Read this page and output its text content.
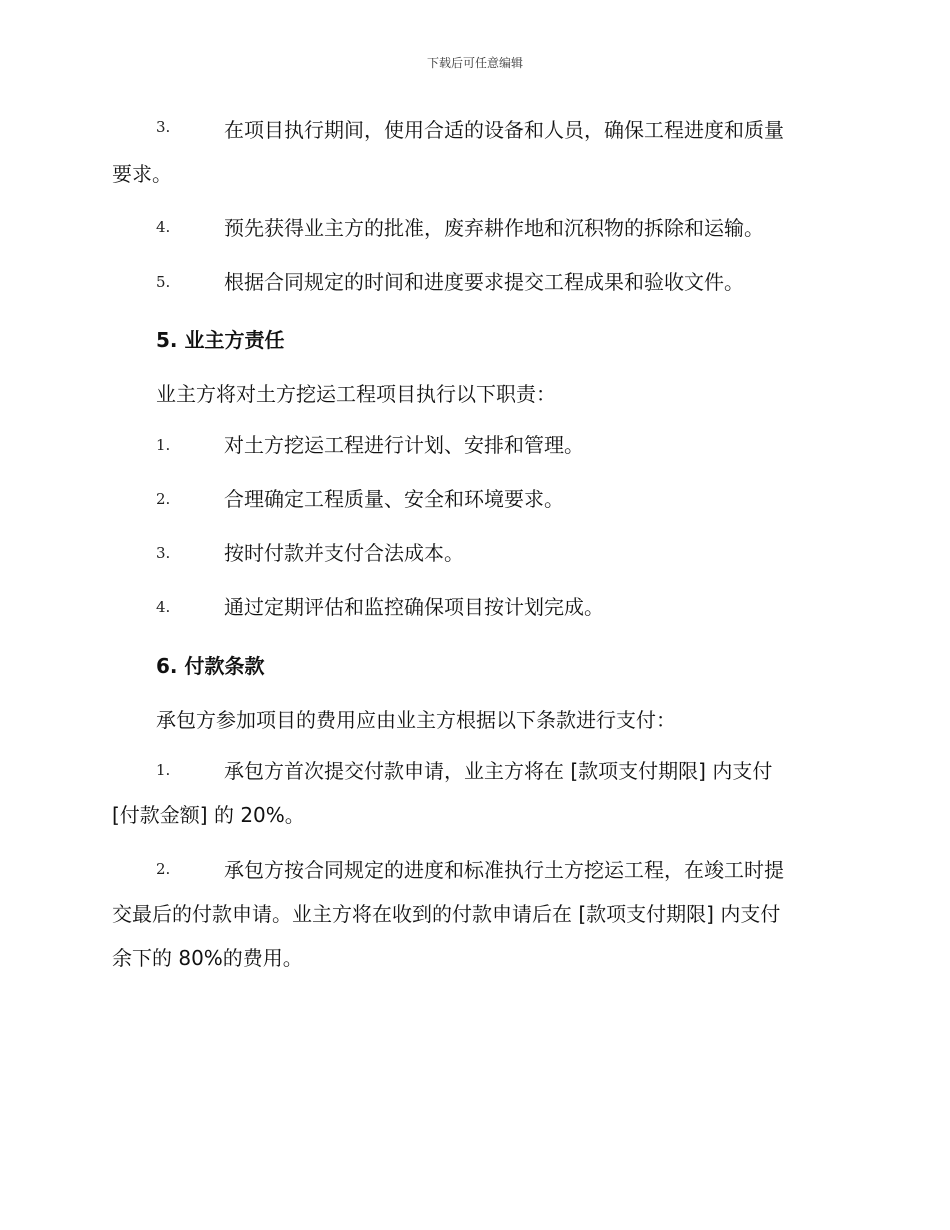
下载后可任意编辑
3.	在项目执行期间，使用合适的设备和人员，确保工程进度和质量
要求。
4.	预先获得业主方的批准，废弃耕作地和沉积物的拆除和运输。
5.	根据合同规定的时间和进度要求提交工程成果和验收文件。
5. 业主方责任
业主方将对土方挖运工程项目执行以下职责：
1.	对土方挖运工程进行计划、安排和管理。
2.	合理确定工程质量、安全和环境要求。
3.	按时付款并支付合法成本。
4.	通过定期评估和监控确保项目按计划完成。
6. 付款条款
承包方参加项目的费用应由业主方根据以下条款进行支付：
1.	承包方首次提交付款申请，业主方将在 [款项支付期限] 内支付
[付款金额] 的 20%。
2.	承包方按合同规定的进度和标准执行土方挖运工程，在竣工时提
交最后的付款申请。业主方将在收到的付款申请后在 [款项支付期限] 内支付
余下的 80%的费用。
